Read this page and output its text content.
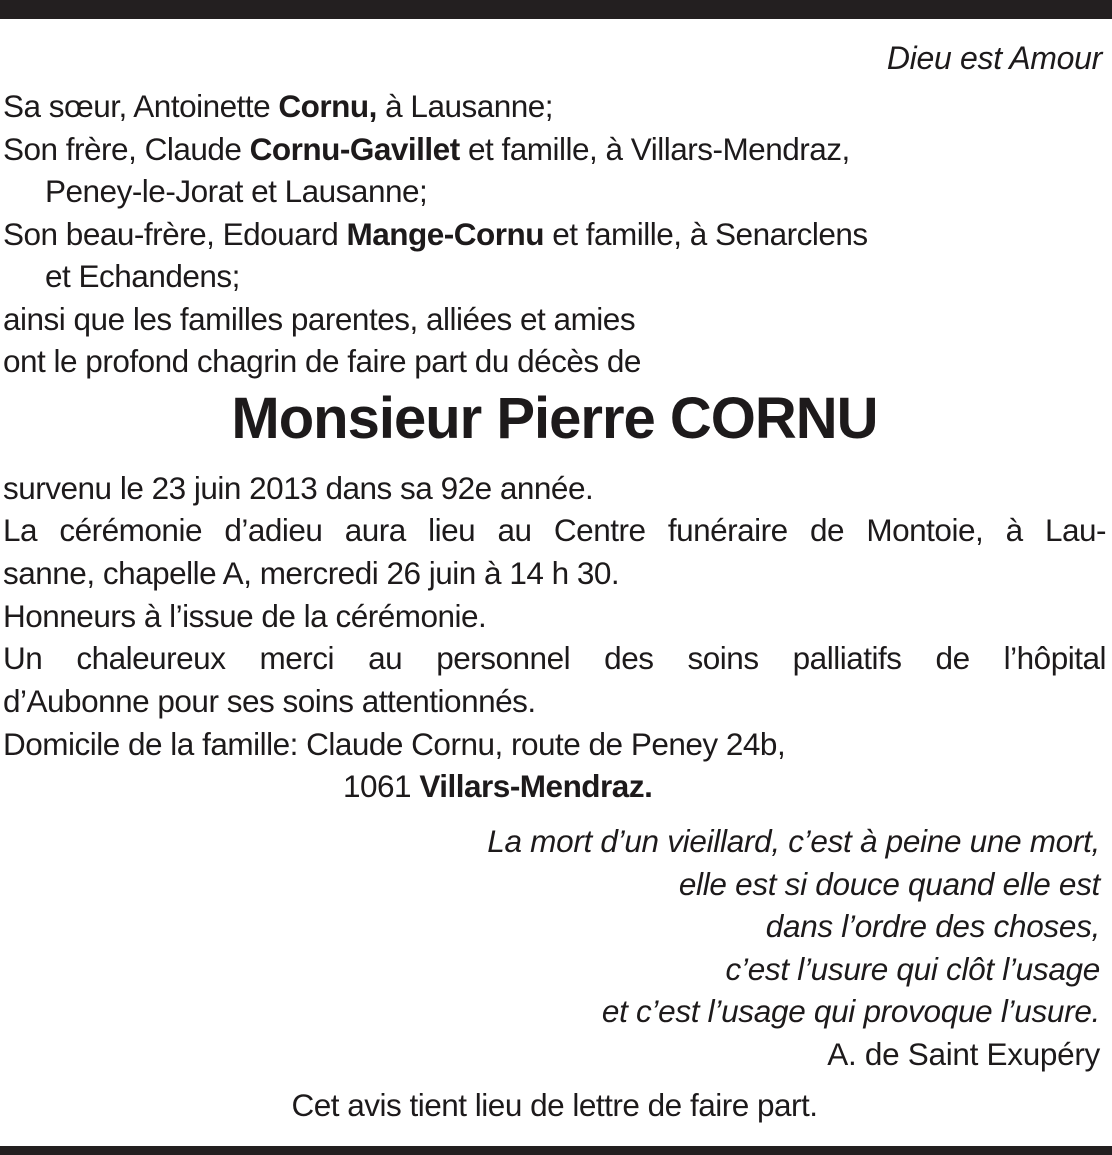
Dieu est Amour
Sa sœur, Antoinette Cornu, à Lausanne;
Son frère, Claude Cornu-Gavillet et famille, à Villars-Mendraz,
Peney-le-Jorat et Lausanne;
Son beau-frère, Edouard Mange-Cornu et famille, à Senarclens
et Echandens;
ainsi que les familles parentes, alliées et amies
ont le profond chagrin de faire part du décès de
Monsieur Pierre CORNU
survenu le 23 juin 2013 dans sa 92e année.
La cérémonie d’adieu aura lieu au Centre funéraire de Montoie, à Lau-
sanne, chapelle A, mercredi 26 juin à 14 h 30.
Honneurs à l’issue de la cérémonie.
Un chaleureux merci au personnel des soins palliatifs de l’hôpital
d’Aubonne pour ses soins attentionnés.
Domicile de la famille: Claude Cornu, route de Peney 24b,
1061 Villars-Mendraz.
La mort d’un vieillard, c’est à peine une mort,
elle est si douce quand elle est
dans l’ordre des choses,
c’est l’usure qui clôt l’usage
et c’est l’usage qui provoque l’usure.
A. de Saint Exupéry
Cet avis tient lieu de lettre de faire part.
